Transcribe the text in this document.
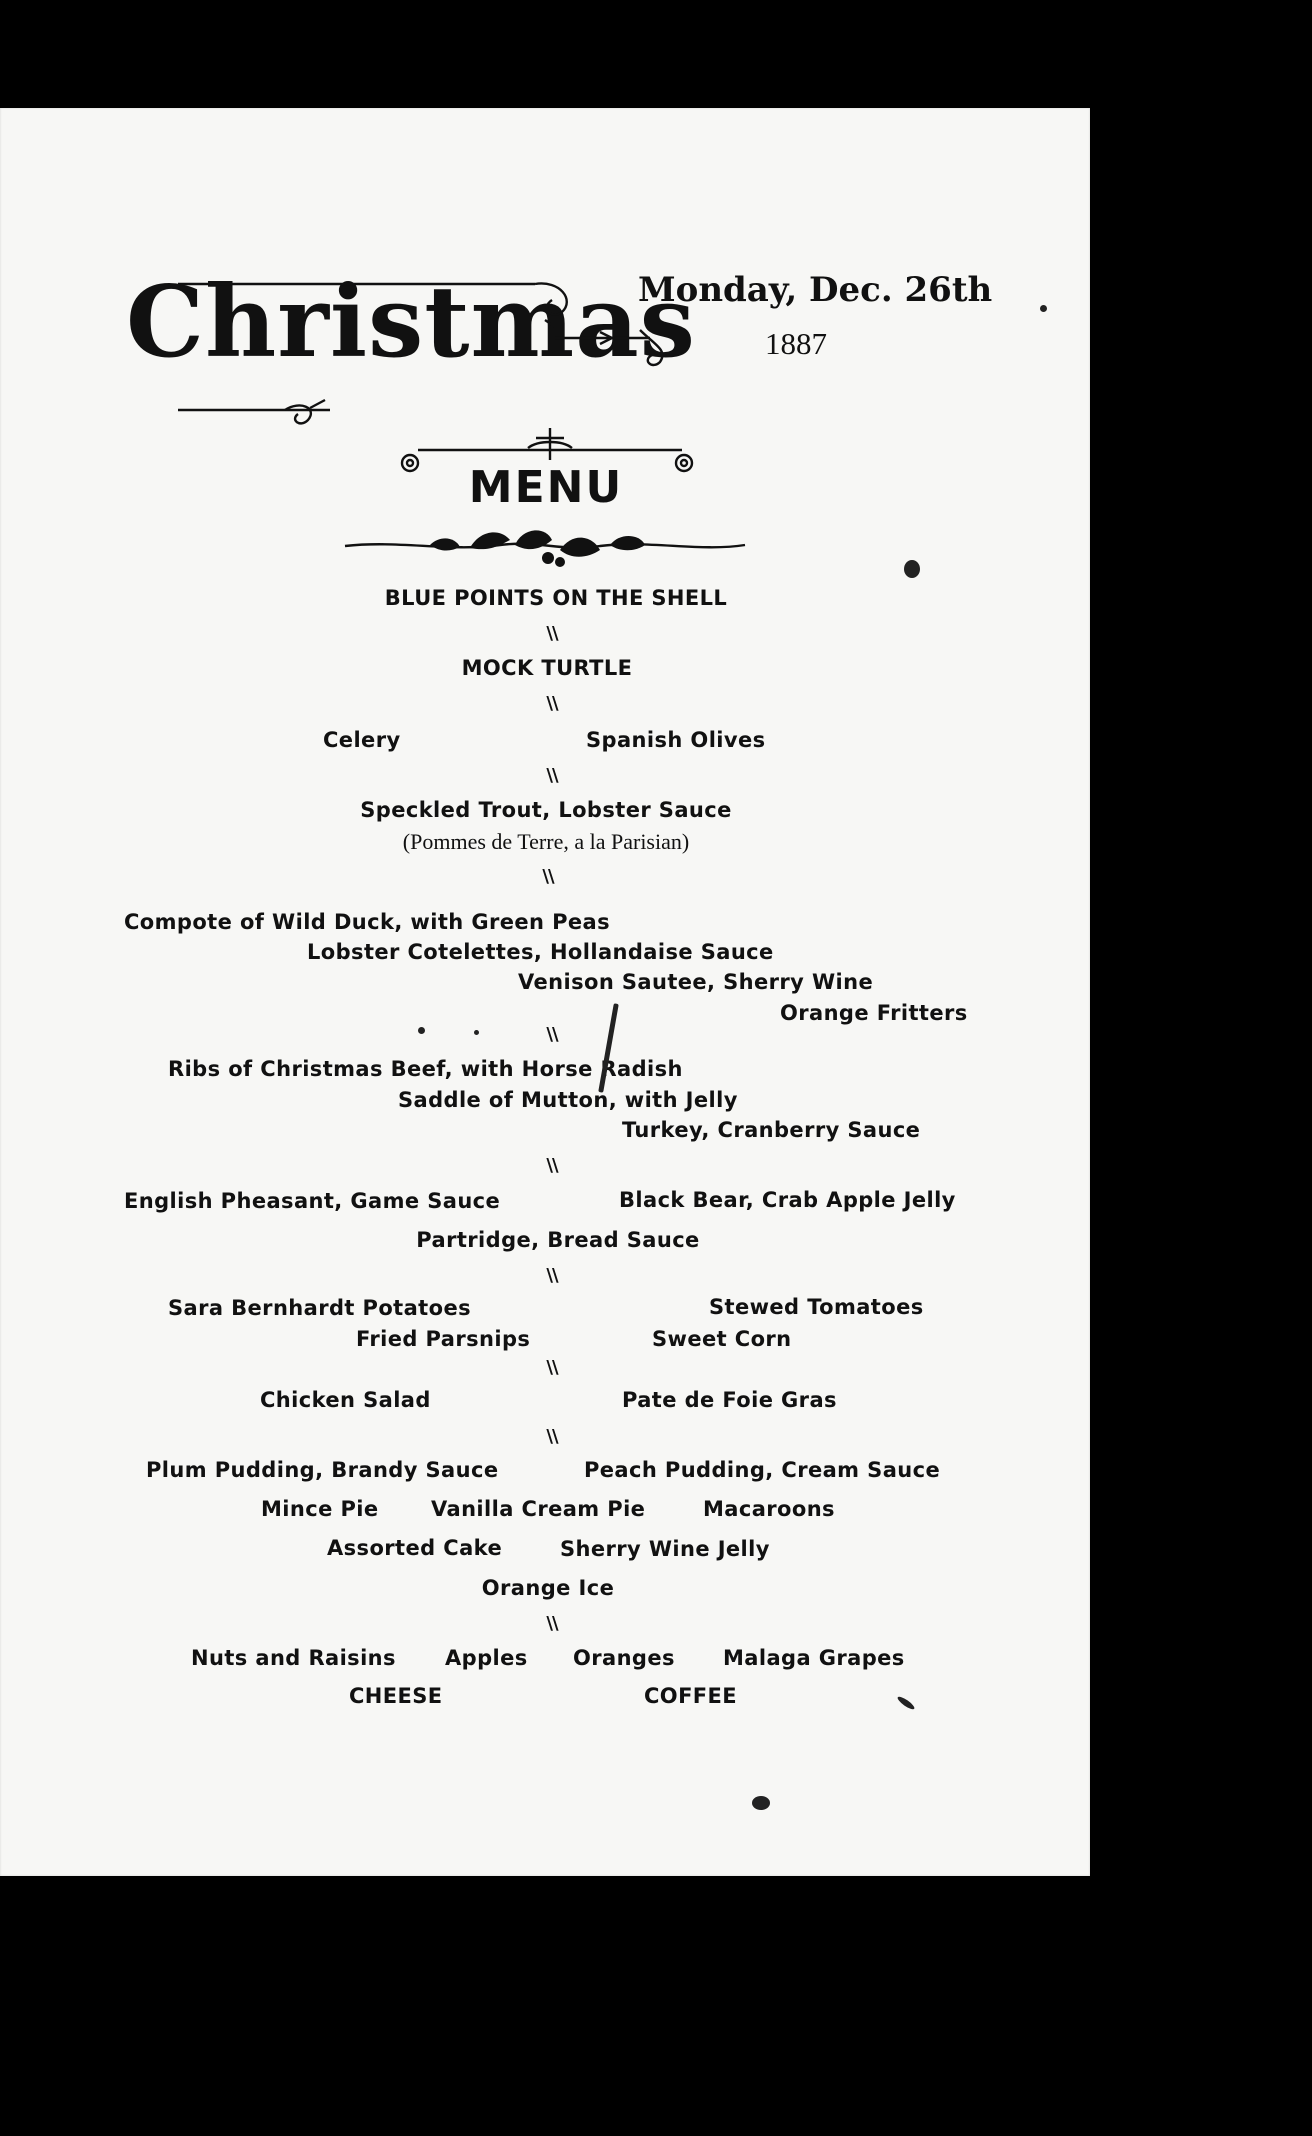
Christmas
Monday, Dec. 26th
1887
MENU
BLUE POINTS ON THE SHELL
\\
MOCK TURTLE
\\
Celery	Spanish Olives
\\
Speckled Trout, Lobster Sauce
(Pommes de Terre, a la Parisian)
\\
Compote of Wild Duck, with Green Peas
Lobster Cotelettes, Hollandaise Sauce
Venison Sautee, Sherry Wine
Orange Fritters
\\
Ribs of Christmas Beef, with Horse Radish
Saddle of Mutton, with Jelly
Turkey, Cranberry Sauce
\\
English Pheasant, Game Sauce	Black Bear, Crab Apple Jelly
Partridge, Bread Sauce
\\
Sara Bernhardt Potatoes	Stewed Tomatoes
Fried Parsnips	Sweet Corn
\\
Chicken Salad	Pate de Foie Gras
\\
Plum Pudding, Brandy Sauce	Peach Pudding, Cream Sauce
Mince Pie	Vanilla Cream Pie	Macaroons
Assorted Cake	Sherry Wine Jelly
Orange Ice
\\
Nuts and Raisins Apples Oranges Malaga Grapes
CHEESE	COFFEE
